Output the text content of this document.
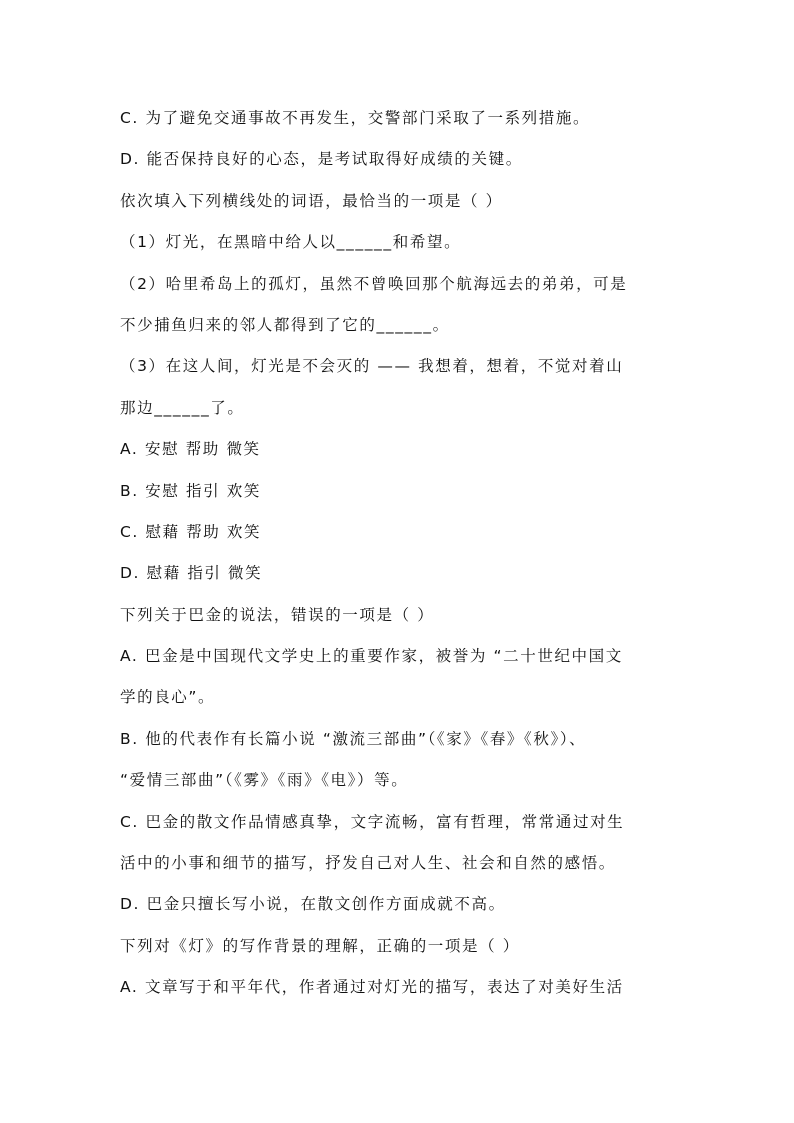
C. 为了避免交通事故不再发生，交警部门采取了一系列措施。
D. 能否保持良好的心态，是考试取得好成绩的关键。
依次填入下列横线处的词语，最恰当的一项是（ ）
（1）灯光，在黑暗中给人以______和希望。
（2）哈里希岛上的孤灯，虽然不曾唤回那个航海远去的弟弟，可是
不少捕鱼归来的邻人都得到了它的______。
（3）在这人间，灯光是不会灭的 —— 我想着，想着，不觉对着山
那边______了。
A. 安慰 帮助 微笑
B. 安慰 指引 欢笑
C. 慰藉 帮助 欢笑
D. 慰藉 指引 微笑
下列关于巴金的说法，错误的一项是（ ）
A. 巴金是中国现代文学史上的重要作家，被誉为 “二十世纪中国文
学的良心”。
B. 他的代表作有长篇小说 “激流三部曲”（《家》《春》《秋》）、
“爱情三部曲”（《雾》《雨》《电》）等。
C. 巴金的散文作品情感真挚，文字流畅，富有哲理，常常通过对生
活中的小事和细节的描写，抒发自己对人生、社会和自然的感悟。
D. 巴金只擅长写小说，在散文创作方面成就不高。
下列对《灯》的写作背景的理解，正确的一项是（ ）
A. 文章写于和平年代，作者通过对灯光的描写，表达了对美好生活
